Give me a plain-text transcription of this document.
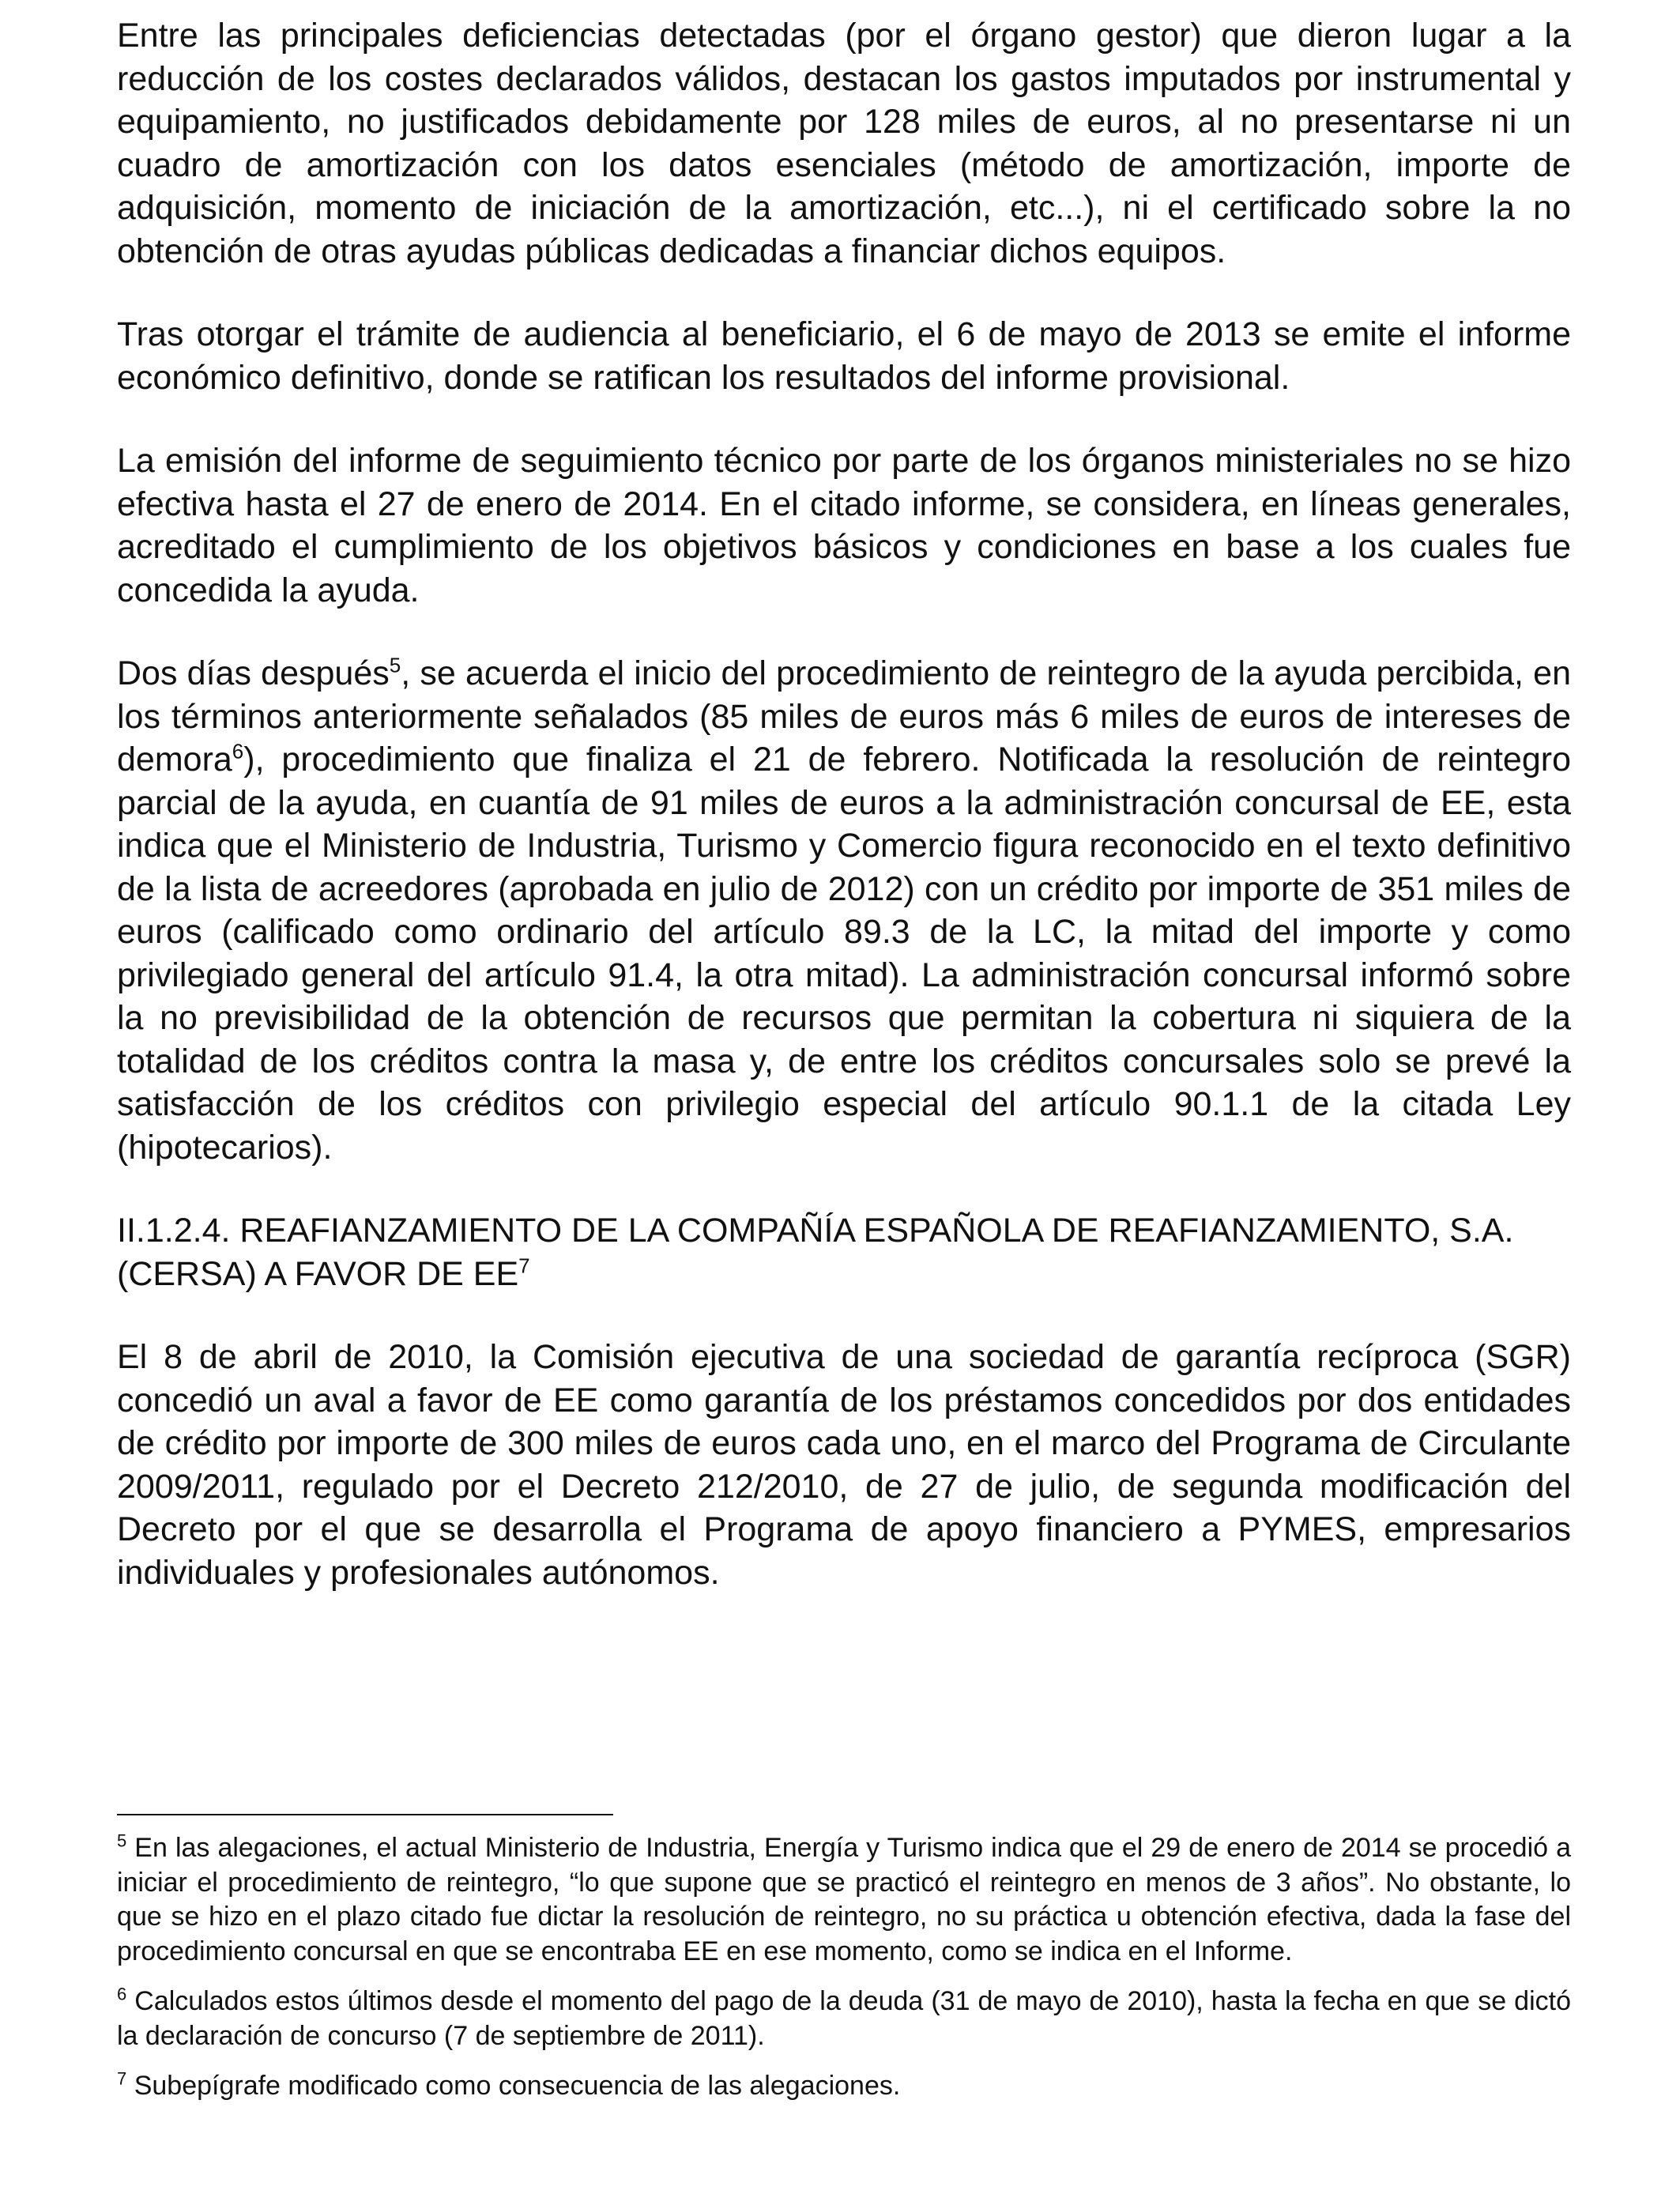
Entre las principales deficiencias detectadas (por el órgano gestor) que dieron lugar a la reducción de los costes declarados válidos, destacan los gastos imputados por instrumental y equipamiento, no justificados debidamente por 128 miles de euros, al no presentarse ni un cuadro de amortización con los datos esenciales (método de amortización, importe de adquisición, momento de iniciación de la amortización, etc...), ni el certificado sobre la no obtención de otras ayudas públicas dedicadas a financiar dichos equipos.

Tras otorgar el trámite de audiencia al beneficiario, el 6 de mayo de 2013 se emite el informe económico definitivo, donde se ratifican los resultados del informe provisional.

La emisión del informe de seguimiento técnico por parte de los órganos ministeriales no se hizo efectiva hasta el 27 de enero de 2014. En el citado informe, se considera, en líneas generales, acreditado el cumplimiento de los objetivos básicos y condiciones en base a los cuales fue concedida la ayuda.

Dos días después$^5$, se acuerda el inicio del procedimiento de reintegro de la ayuda percibida, en los términos anteriormente señalados (85 miles de euros más 6 miles de euros de intereses de demora$^6$), procedimiento que finaliza el 21 de febrero. Notificada la resolución de reintegro parcial de la ayuda, en cuantía de 91 miles de euros a la administración concursal de EE, esta indica que el Ministerio de Industria, Turismo y Comercio figura reconocido en el texto definitivo de la lista de acreedores (aprobada en julio de 2012) con un crédito por importe de 351 miles de euros (calificado como ordinario del artículo 89.3 de la LC, la mitad del importe y como privilegiado general del artículo 91.4, la otra mitad). La administración concursal informó sobre la no previsibilidad de la obtención de recursos que permitan la cobertura ni siquiera de la totalidad de los créditos contra la masa y, de entre los créditos concursales solo se prevé la satisfacción de los créditos con privilegio especial del artículo 90.1.1 de la citada Ley (hipotecarios).

II.1.2.4. REAFIANZAMIENTO DE LA COMPAÑÍA ESPAÑOLA DE REAFIANZAMIENTO, S.A. (CERSA) A FAVOR DE $EE^7$

El 8 de abril de 2010, la Comisión ejecutiva de una sociedad de garantía recíproca (SGR) concedió un aval a favor de EE como garantía de los préstamos concedidos por dos entidades de crédito por importe de 300 miles de euros cada uno, en el marco del Programa de Circulante 2009/2011, regulado por el Decreto 212/2010, de 27 de julio, de segunda modificación del Decreto por el que se desarrolla el Programa de apoyo financiero a PYMES, empresarios individuales y profesionales autónomos.

$^5$ En las alegaciones, el actual Ministerio de Industria, Energía y Turismo indica que el 29 de enero de 2014 se procedió a iniciar el procedimiento de reintegro, “lo que supone que se practicó el reintegro en menos de 3 años”. No obstante, lo que se hizo en el plazo citado fue dictar la resolución de reintegro, no su práctica u obtención efectiva, dada la fase del procedimiento concursal en que se encontraba EE en ese momento, como se indica en el Informe.

$^6$ Calculados estos últimos desde el momento del pago de la deuda (31 de mayo de 2010), hasta la fecha en que se dictó la declaración de concurso (7 de septiembre de 2011).

$^7$ Subepígrafe modificado como consecuencia de las alegaciones.
